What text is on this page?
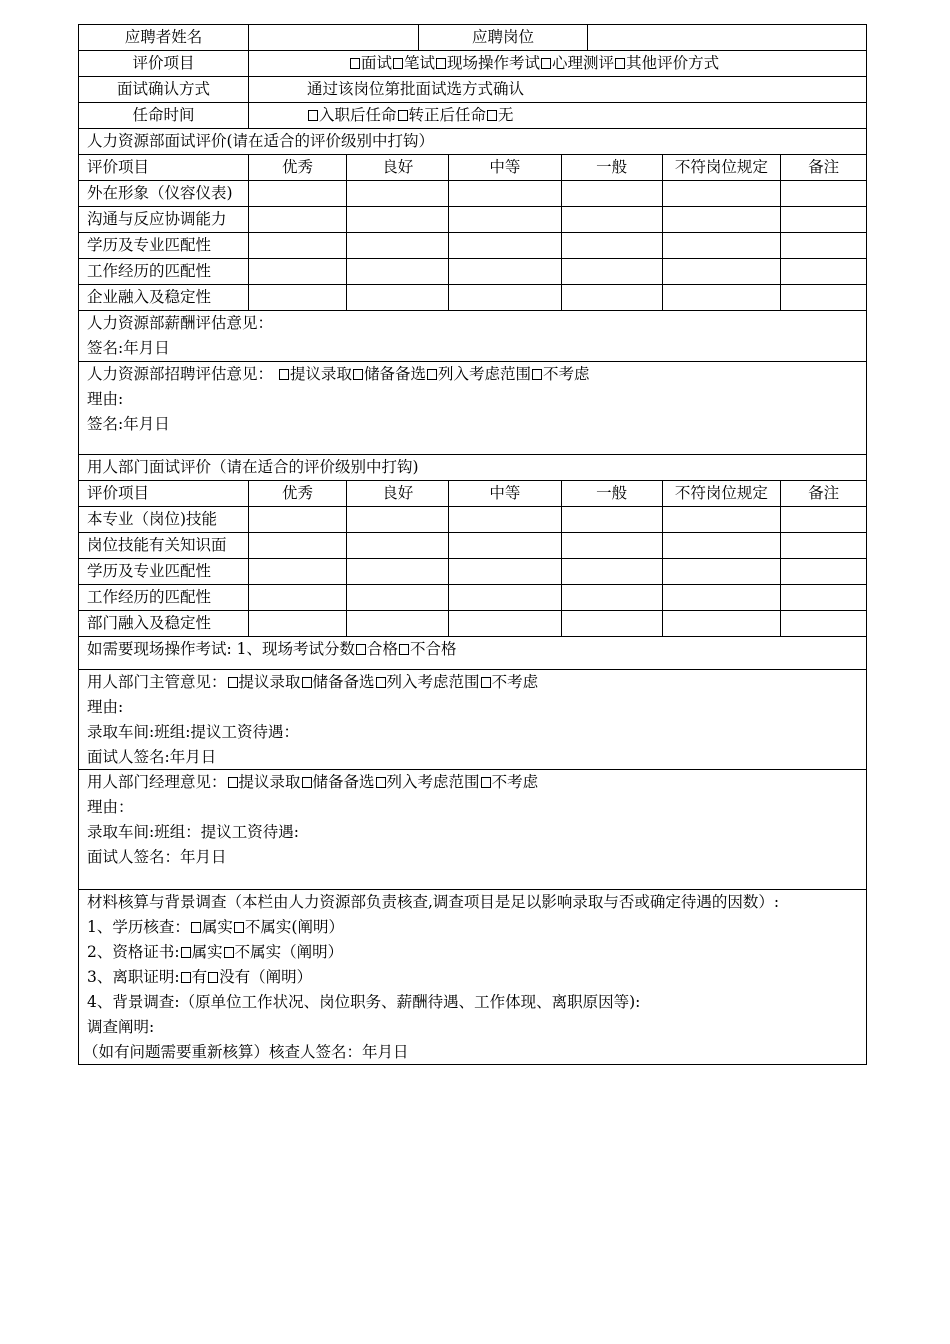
应聘者姓名	应聘岗位
评价项目	面试 笔试 现场操作考试 心理测评 其他评价方式
面试确认方式	通过该岗位第批面试选方式确认
任命时间	入职后任命 转正后任命 无
人力资源部面试评价(请在适合的评价级别中打钩）
评价项目	优秀	良好	中等	一般	不符岗位规定	备注
外在形象（仪容仪表)
沟通与反应协调能力
学历及专业匹配性
工作经历的匹配性
企业融入及稳定性
人力资源部薪酬评估意见：
签名:年月日
人力资源部招聘评估意见： 提议录取 储备备选 列入考虑范围 不考虑
理由:
签名:年月日
用人部门面试评价（请在适合的评价级别中打钩)
评价项目	优秀	良好	中等	一般	不符岗位规定	备注
本专业（岗位)技能
岗位技能有关知识面
学历及专业匹配性
工作经历的匹配性
部门融入及稳定性
如需要现场操作考试: 1、现场考试分数 合格 不合格
用人部门主管意见： 提议录取 储备备选 列入考虑范围 不考虑
理由:
录取车间:班组:提议工资待遇：
面试人签名:年月日
用人部门经理意见： 提议录取 储备备选 列入考虑范围 不考虑
理由：
录取车间:班组：提议工资待遇:
面试人签名：年月日
材料核算与背景调查（本栏由人力资源部负责核查,调查项目是足以影响录取与否或确定待遇的因数）:
1、学历核查： 属实 不属实(阐明）
2、资格证书: 属实 不属实（阐明）
3、离职证明: 有 没有（阐明）
4、背景调查:（原单位工作状况、岗位职务、薪酬待遇、工作体现、离职原因等):
调查阐明:
（如有问题需要重新核算）核查人签名：年月日
